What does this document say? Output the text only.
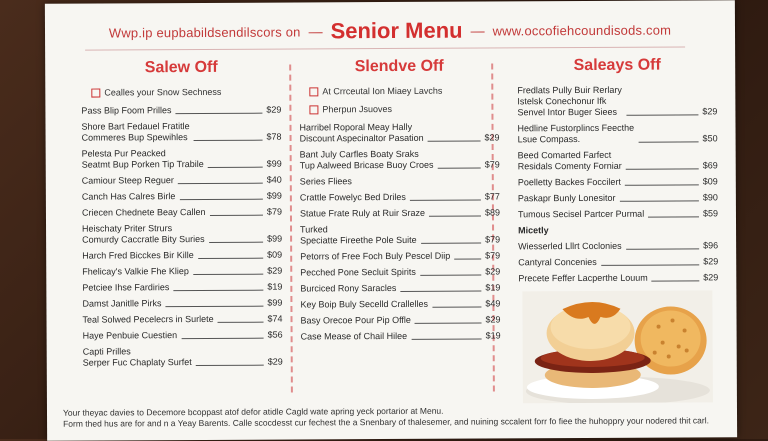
Wwp.ip eupbabildsendilscors on — Senior Menu — www.occofiehcoundisods.com
Salew Off
Cealles your Snow Sechness
Pass Blip Foom Prilles	$29
Shore Bart Fedauel Fratitle
Commeres Bup Spewihles	$78
Pelesta Pur Peacked
Seatmt Bup Porken Tip Trabile	$99
Camiour Steep Reguer	$40
Canch Has Calres Birle	$99
Criecen Chednete Beay Callen	$79
Heischaty Priter Strurs
Comurdy Caccratle Bity Suries	$99
Harch Fred Bicckes Bir Kille	$09
Fhelicay's Valkie Fhe Kliep	$29
Petciee Ihse Fardiries	$19
Damst Janitlle Pirks	$99
Teal Solwed Pecelecrs in Surlete	$74
Haye Penbuie Cuestien	$56
Capti Prilles
Serper Fuc Chaplaty Surfet	$29
Slendve Off
At Crrceutal Ion Miaey Lavchs
Pherpun Jsuoves
Harribel Roporal Meay Hally
Discount Aspecinaltor Pasation	$29
Bant July Carfles Boaty Sraks
Tup Aalweed Bricase Buoy Croes	$79
Series Fliees
Crattle Fowelyc Bed Driles	$77
Statue Frate Ruly at Ruir Sraze	$89
Turked
Speciatte Fireethe Pole Suite	$79
Petorrs of Free Foch Buly Pescel Diip	$79
Pecched Pone Secluit Spirits	$29
Burciced Rony Saracles	$19
Key Boip Buly Secelld Crallelles	$49
Basy Orecoe Pour Pip Offle	$29
Case Mease of Chail Hilee	$19
Saleays Off
Fredlats Pully Buir Rerlary
Istelsk Conechonur Ifk
Senvel Intor Buger Siees	$29
Hedline Fustorplincs Feecthe
Lsue Compass.	$50
Beed Comarted Farfect
Residals Comenty Forniar	$69
Poelletty Backes Foccilert	$09
Paskapr Bunly Lonesitor	$90
Tumous Secisel Partcer Purmal	$59
Micetly
Wiesserled Lllrt Coclonies	$96
Cantyral Concenies	$29
Precete Feffer Lacperthe Louum	$29
Your theyac davies to Decemore bcoppast atof defor atidle Cagld wate apring yeck portarior at Menu.
Form thed hus are for and n a Yeay Barents. Calle scocdesst cur fechest the a Snenbary of thalesemer, and nuining sccalent forr fo fiee the huhoppry your nodered thit carl.
